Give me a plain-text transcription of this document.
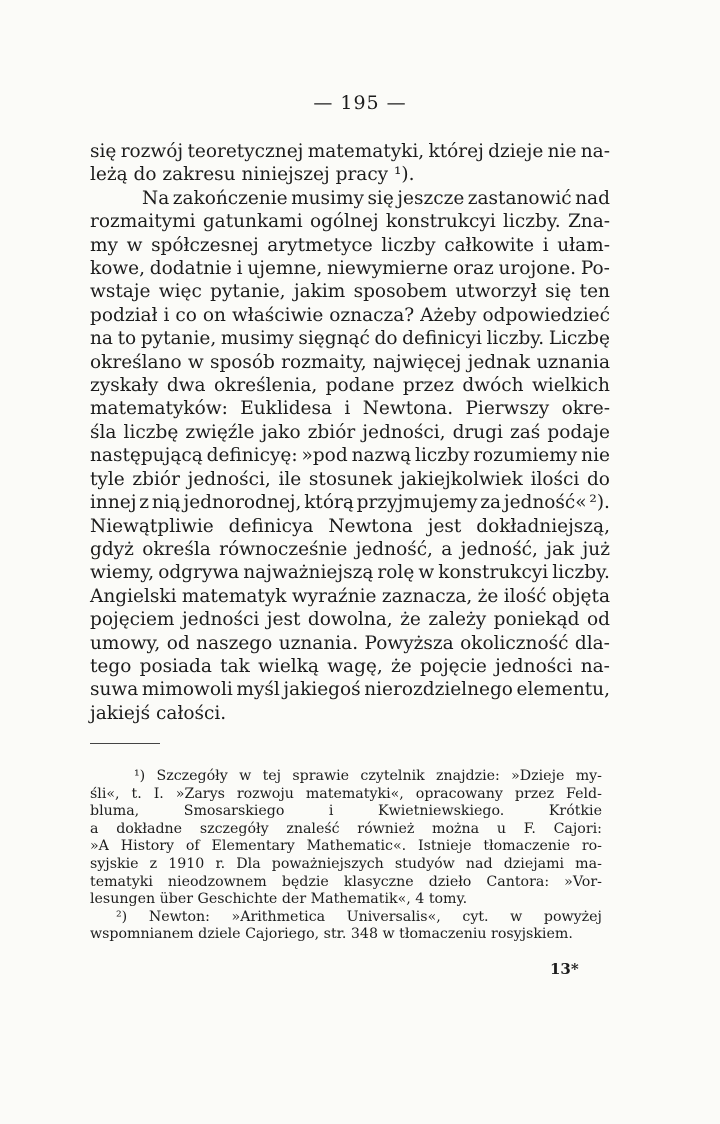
— 195 —
się rozwój teoretycznej matematyki, której dzieje nie na-
leżą do zakresu niniejszej pracy ¹).
Na zakończenie musimy się jeszcze zastanowić nad
rozmaitymi gatunkami ogólnej konstrukcyi liczby. Zna-
my w spółczesnej arytmetyce liczby całkowite i ułam-
kowe, dodatnie i ujemne, niewymierne oraz urojone. Po-
wstaje więc pytanie, jakim sposobem utworzył się ten
podział i co on właściwie oznacza? Ażeby odpowiedzieć
na to pytanie, musimy sięgnąć do definicyi liczby. Liczbę
określano w sposób rozmaity, najwięcej jednak uznania
zyskały dwa określenia, podane przez dwóch wielkich
matematyków: Euklidesa i Newtona. Pierwszy okre-
śla liczbę zwięźle jako zbiór jedności, drugi zaś podaje
następującą definicyę: »pod nazwą liczby rozumiemy nie
tyle zbiór jedności, ile stosunek jakiejkolwiek ilości do
innej z nią jednorodnej, którą przyjmujemy za jedność« ²).
Niewątpliwie definicya Newtona jest dokładniejszą,
gdyż określa równocześnie jedność, a jedność, jak już
wiemy, odgrywa najważniejszą rolę w konstrukcyi liczby.
Angielski matematyk wyraźnie zaznacza, że ilość objęta
pojęciem jedności jest dowolna, że zależy poniekąd od
umowy, od naszego uznania. Powyższa okoliczność dla-
tego posiada tak wielką wagę, że pojęcie jedności na-
suwa mimowoli myśl jakiegoś nierozdzielnego elementu,
jakiejś całości.
¹) Szczegóły w tej sprawie czytelnik znajdzie: »Dzieje my-
śli«, t. I. »Zarys rozwoju matematyki«, opracowany przez Feld-
bluma,	Smosarskiego	i	Kwietniewskiego.	Krótkie
a dokładne szczegóły znaleść również można u F. Cajori:
»A History of Elementary Mathematic«. Istnieje tłomaczenie ro-
syjskie z 1910 r. Dla poważniejszych studyów nad dziejami ma-
tematyki nieodzownem będzie klasyczne dzieło Cantora: »Vor-
lesungen über Geschichte der Mathematik«, 4 tomy.
²) Newton: »Arithmetica Universalis«, cyt. w powyżej
wspomnianem dziele Cajoriego, str. 348 w tłomaczeniu rosyjskiem.
13*
